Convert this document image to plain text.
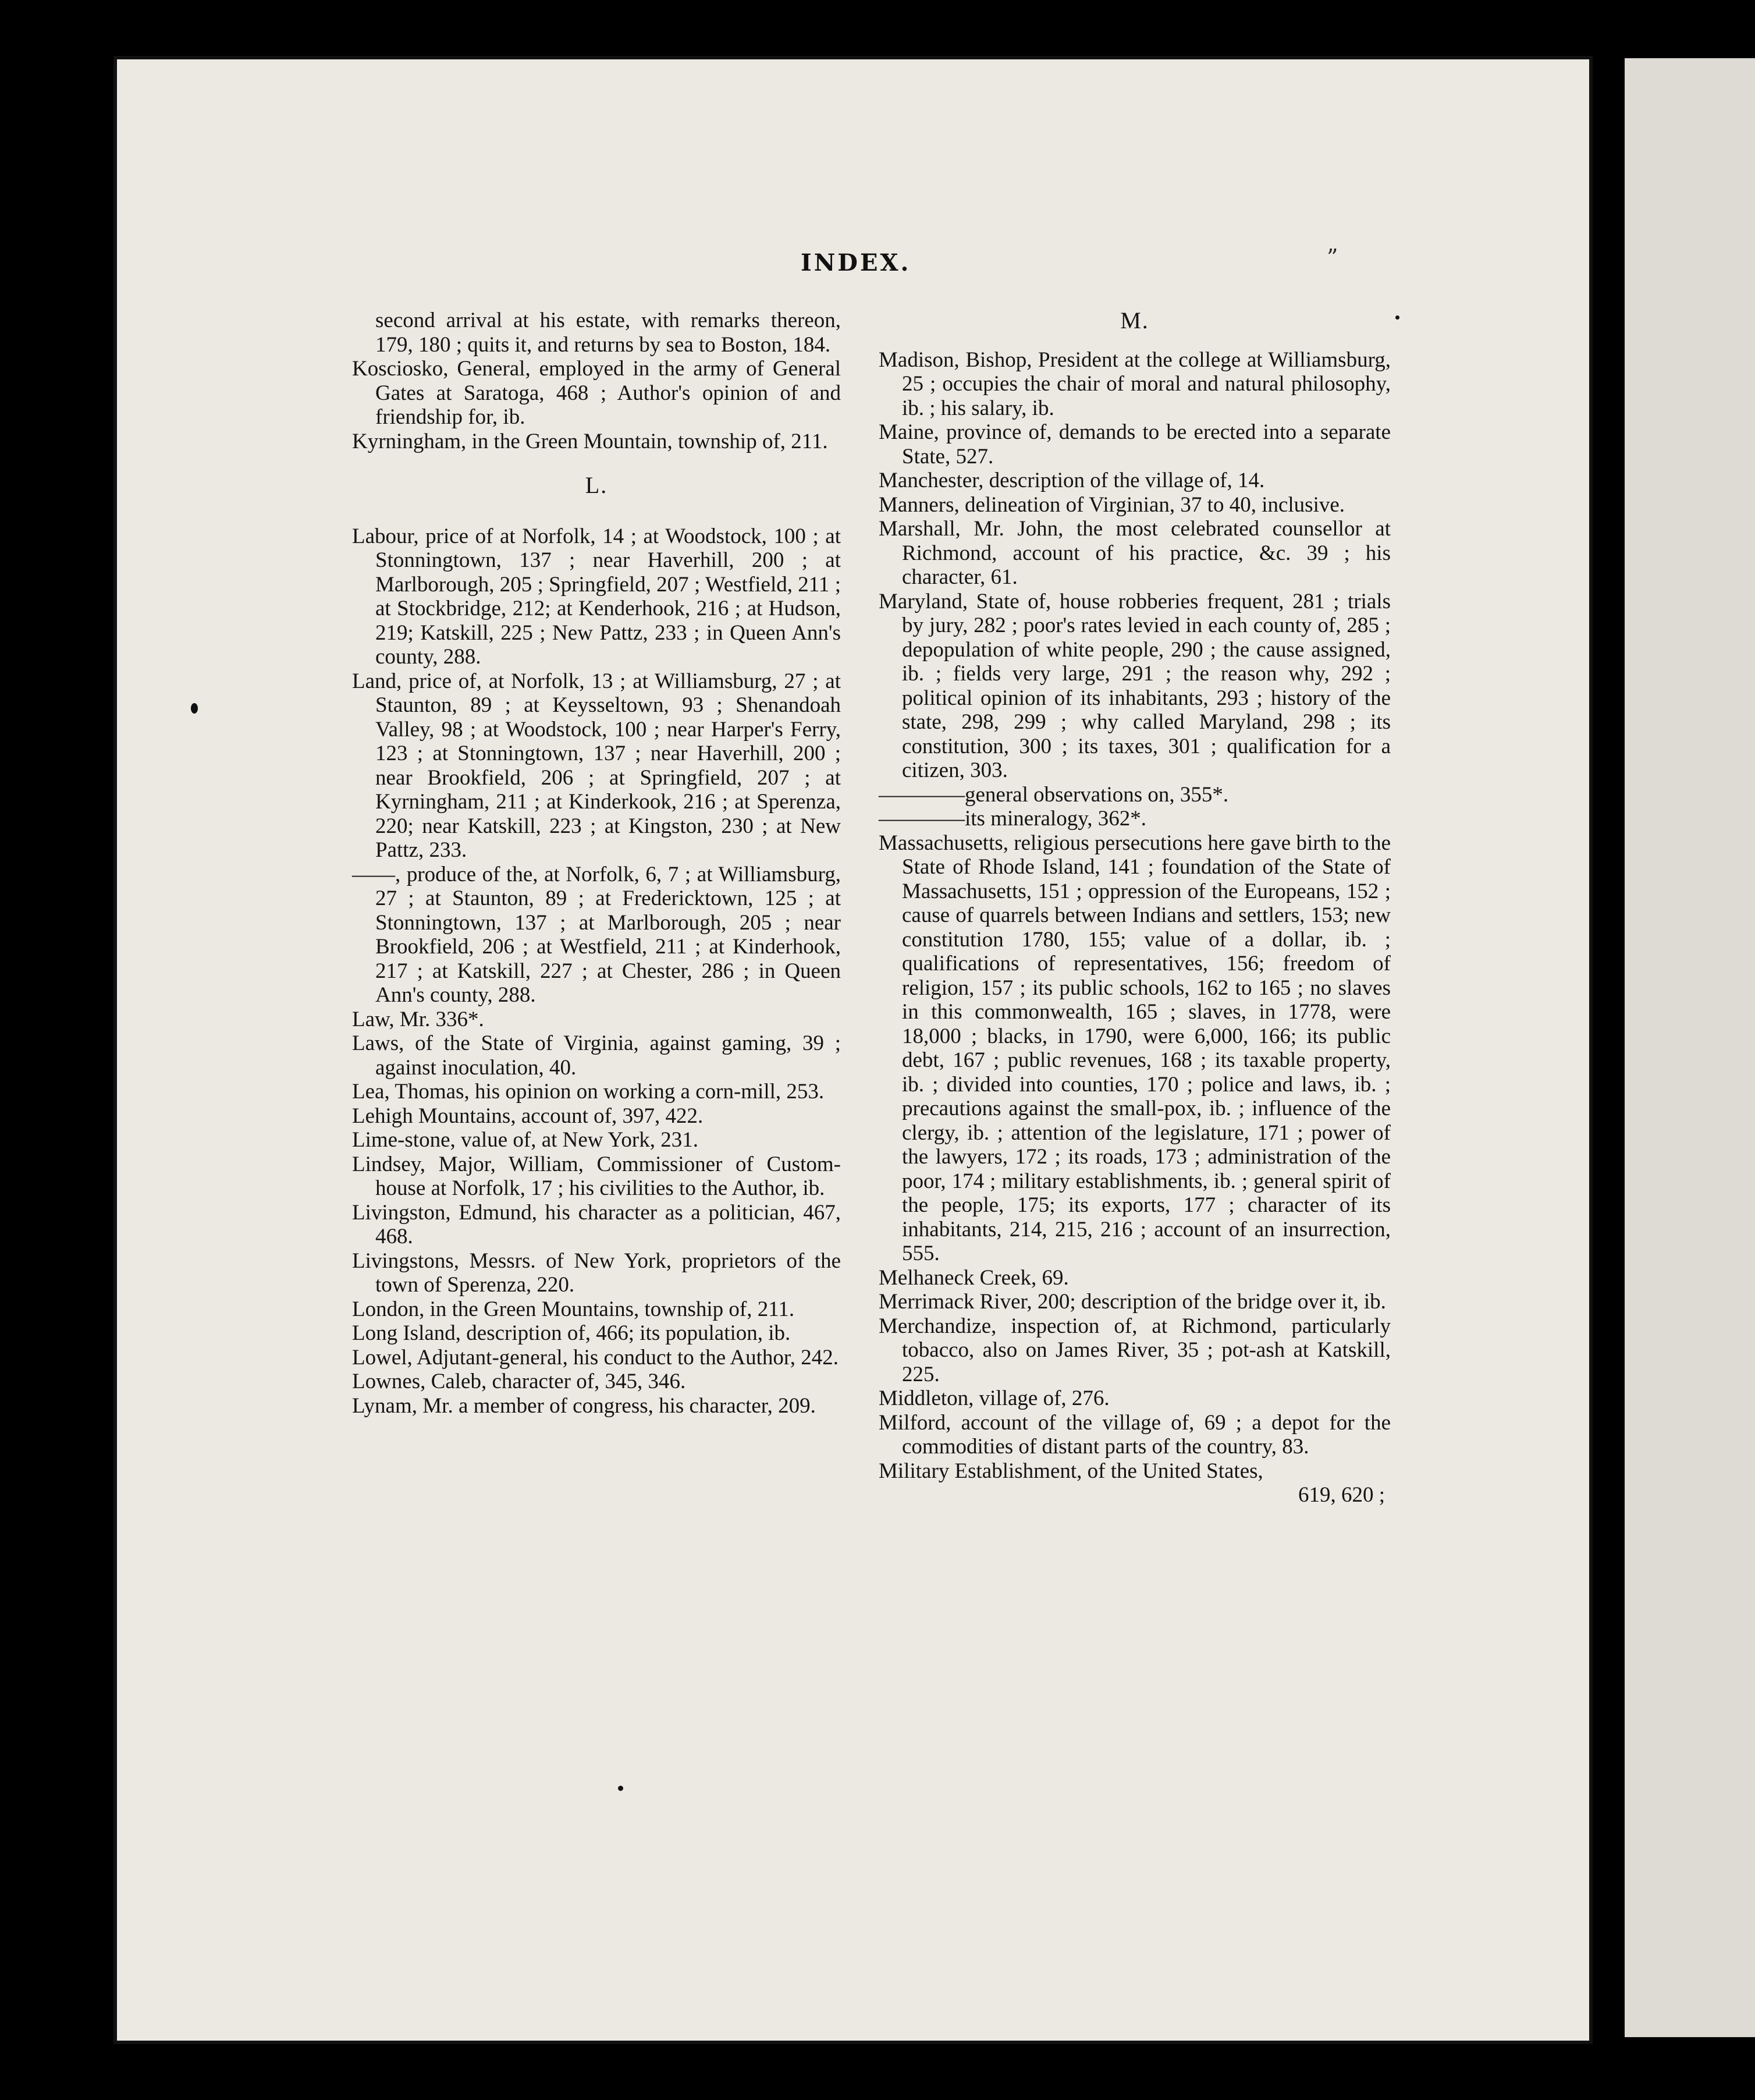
INDEX.	”

second arrival at his estate, with remarks thereon, 179, 180 ; quits it, and returns by sea to Boston, 184.

Kosciosko, General, employed in the army of General Gates at Saratoga, 468 ; Author's opinion of and friendship for, ib.

Kyrningham, in the Green Mountain, township of, 211.

L.

Labour, price of at Norfolk, 14 ; at Woodstock, 100 ; at Stonningtown, 137 ; near Haverhill, 200 ; at Marlborough, 205 ; Springfield, 207 ; Westfield, 211 ; at Stockbridge, 212; at Kenderhook, 216 ; at Hudson, 219; Katskill, 225 ; New Pattz, 233 ; in Queen Ann's county, 288.

Land, price of, at Norfolk, 13 ; at Williamsburg, 27 ; at Staunton, 89 ; at Keysseltown, 93 ; Shenandoah Valley, 98 ; at Woodstock, 100 ; near Harper's Ferry, 123 ; at Stonningtown, 137 ; near Haverhill, 200 ; near Brookfield, 206 ; at Springfield, 207 ; at Kyrningham, 211 ; at Kinderkook, 216 ; at Sperenza, 220; near Katskill, 223 ; at Kingston, 230 ; at New Pattz, 233.

——, produce of the, at Norfolk, 6, 7 ; at Williamsburg, 27 ; at Staunton, 89 ; at Fredericktown, 125 ; at Stonningtown, 137 ; at Marlborough, 205 ; near Brookfield, 206 ; at Westfield, 211 ; at Kinderhook, 217 ; at Katskill, 227 ; at Chester, 286 ; in Queen Ann's county, 288.

Law, Mr. 336*.

Laws, of the State of Virginia, against gaming, 39 ; against inoculation, 40.

Lea, Thomas, his opinion on working a corn-mill, 253.

Lehigh Mountains, account of, 397, 422.

Lime-stone, value of, at New York, 231.

Lindsey, Major, William, Commissioner of Custom-house at Norfolk, 17 ; his civilities to the Author, ib.

Livingston, Edmund, his character as a politician, 467, 468.

Livingstons, Messrs. of New York, proprietors of the town of Sperenza, 220.

London, in the Green Mountains, township of, 211.

Long Island, description of, 466; its population, ib.

Lowel, Adjutant-general, his conduct to the Author, 242.

Lownes, Caleb, character of, 345, 346.

Lynam, Mr. a member of congress, his character, 209.

M.

Madison, Bishop, President at the college at Williamsburg, 25 ; occupies the chair of moral and natural philosophy, ib. ; his salary, ib.

Maine, province of, demands to be erected into a separate State, 527.

Manchester, description of the village of, 14.

Manners, delineation of Virginian, 37 to 40, inclusive.

Marshall, Mr. John, the most celebrated counsellor at Richmond, account of his practice, &c. 39 ; his character, 61.

Maryland, State of, house robberies frequent, 281 ; trials by jury, 282 ; poor's rates levied in each county of, 285 ; depopulation of white people, 290 ; the cause assigned, ib. ; fields very large, 291 ; the reason why, 292 ; political opinion of its inhabitants, 293 ; history of the state, 298, 299 ; why called Maryland, 298 ; its constitution, 300 ; its taxes, 301 ; qualification for a citizen, 303.

————general observations on, 355*.

————its mineralogy, 362*.

Massachusetts, religious persecutions here gave birth to the State of Rhode Island, 141 ; foundation of the State of Massachusetts, 151 ; oppression of the Europeans, 152 ; cause of quarrels between Indians and settlers, 153; new constitution 1780, 155; value of a dollar, ib. ; qualifications of representatives, 156; freedom of religion, 157 ; its public schools, 162 to 165 ; no slaves in this commonwealth, 165 ; slaves, in 1778, were 18,000 ; blacks, in 1790, were 6,000, 166; its public debt, 167 ; public revenues, 168 ; its taxable property, ib. ; divided into counties, 170 ; police and laws, ib. ; precautions against the small-pox, ib. ; influence of the clergy, ib. ; attention of the legislature, 171 ; power of the lawyers, 172 ; its roads, 173 ; administration of the poor, 174 ; military establishments, ib. ; general spirit of the people, 175; its exports, 177 ; character of its inhabitants, 214, 215, 216 ; account of an insurrection, 555.

Melhaneck Creek, 69.

Merrimack River, 200; description of the bridge over it, ib.

Merchandize, inspection of, at Richmond, particularly tobacco, also on James River, 35 ; pot-ash at Katskill, 225.

Middleton, village of, 276.

Milford, account of the village of, 69 ; a depot for the commodities of distant parts of the country, 83.

Military Establishment, of the United States,

619, 620 ;
